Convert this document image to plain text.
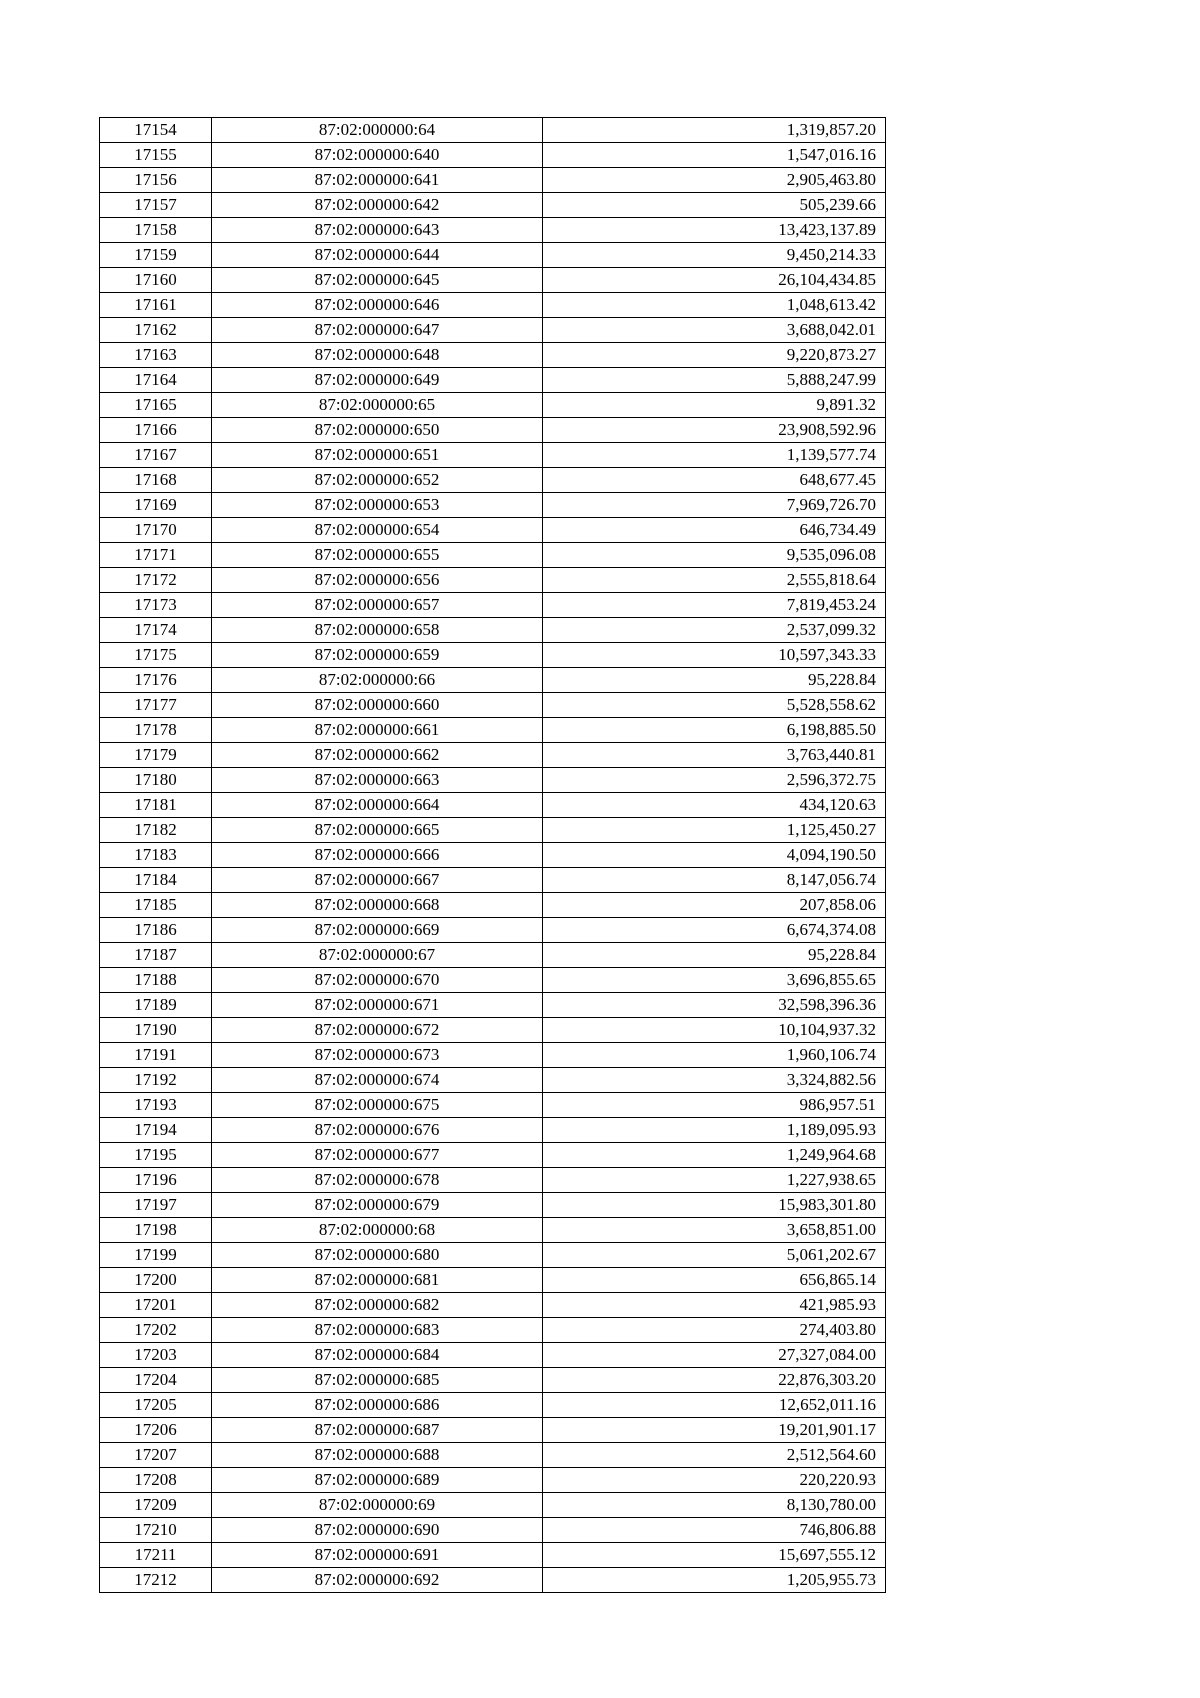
17154	87:02:000000:64	1,319,857.20
17155	87:02:000000:640	1,547,016.16
17156	87:02:000000:641	2,905,463.80
17157	87:02:000000:642	505,239.66
17158	87:02:000000:643	13,423,137.89
17159	87:02:000000:644	9,450,214.33
17160	87:02:000000:645	26,104,434.85
17161	87:02:000000:646	1,048,613.42
17162	87:02:000000:647	3,688,042.01
17163	87:02:000000:648	9,220,873.27
17164	87:02:000000:649	5,888,247.99
17165	87:02:000000:65	9,891.32
17166	87:02:000000:650	23,908,592.96
17167	87:02:000000:651	1,139,577.74
17168	87:02:000000:652	648,677.45
17169	87:02:000000:653	7,969,726.70
17170	87:02:000000:654	646,734.49
17171	87:02:000000:655	9,535,096.08
17172	87:02:000000:656	2,555,818.64
17173	87:02:000000:657	7,819,453.24
17174	87:02:000000:658	2,537,099.32
17175	87:02:000000:659	10,597,343.33
17176	87:02:000000:66	95,228.84
17177	87:02:000000:660	5,528,558.62
17178	87:02:000000:661	6,198,885.50
17179	87:02:000000:662	3,763,440.81
17180	87:02:000000:663	2,596,372.75
17181	87:02:000000:664	434,120.63
17182	87:02:000000:665	1,125,450.27
17183	87:02:000000:666	4,094,190.50
17184	87:02:000000:667	8,147,056.74
17185	87:02:000000:668	207,858.06
17186	87:02:000000:669	6,674,374.08
17187	87:02:000000:67	95,228.84
17188	87:02:000000:670	3,696,855.65
17189	87:02:000000:671	32,598,396.36
17190	87:02:000000:672	10,104,937.32
17191	87:02:000000:673	1,960,106.74
17192	87:02:000000:674	3,324,882.56
17193	87:02:000000:675	986,957.51
17194	87:02:000000:676	1,189,095.93
17195	87:02:000000:677	1,249,964.68
17196	87:02:000000:678	1,227,938.65
17197	87:02:000000:679	15,983,301.80
17198	87:02:000000:68	3,658,851.00
17199	87:02:000000:680	5,061,202.67
17200	87:02:000000:681	656,865.14
17201	87:02:000000:682	421,985.93
17202	87:02:000000:683	274,403.80
17203	87:02:000000:684	27,327,084.00
17204	87:02:000000:685	22,876,303.20
17205	87:02:000000:686	12,652,011.16
17206	87:02:000000:687	19,201,901.17
17207	87:02:000000:688	2,512,564.60
17208	87:02:000000:689	220,220.93
17209	87:02:000000:69	8,130,780.00
17210	87:02:000000:690	746,806.88
17211	87:02:000000:691	15,697,555.12
17212	87:02:000000:692	1,205,955.73
